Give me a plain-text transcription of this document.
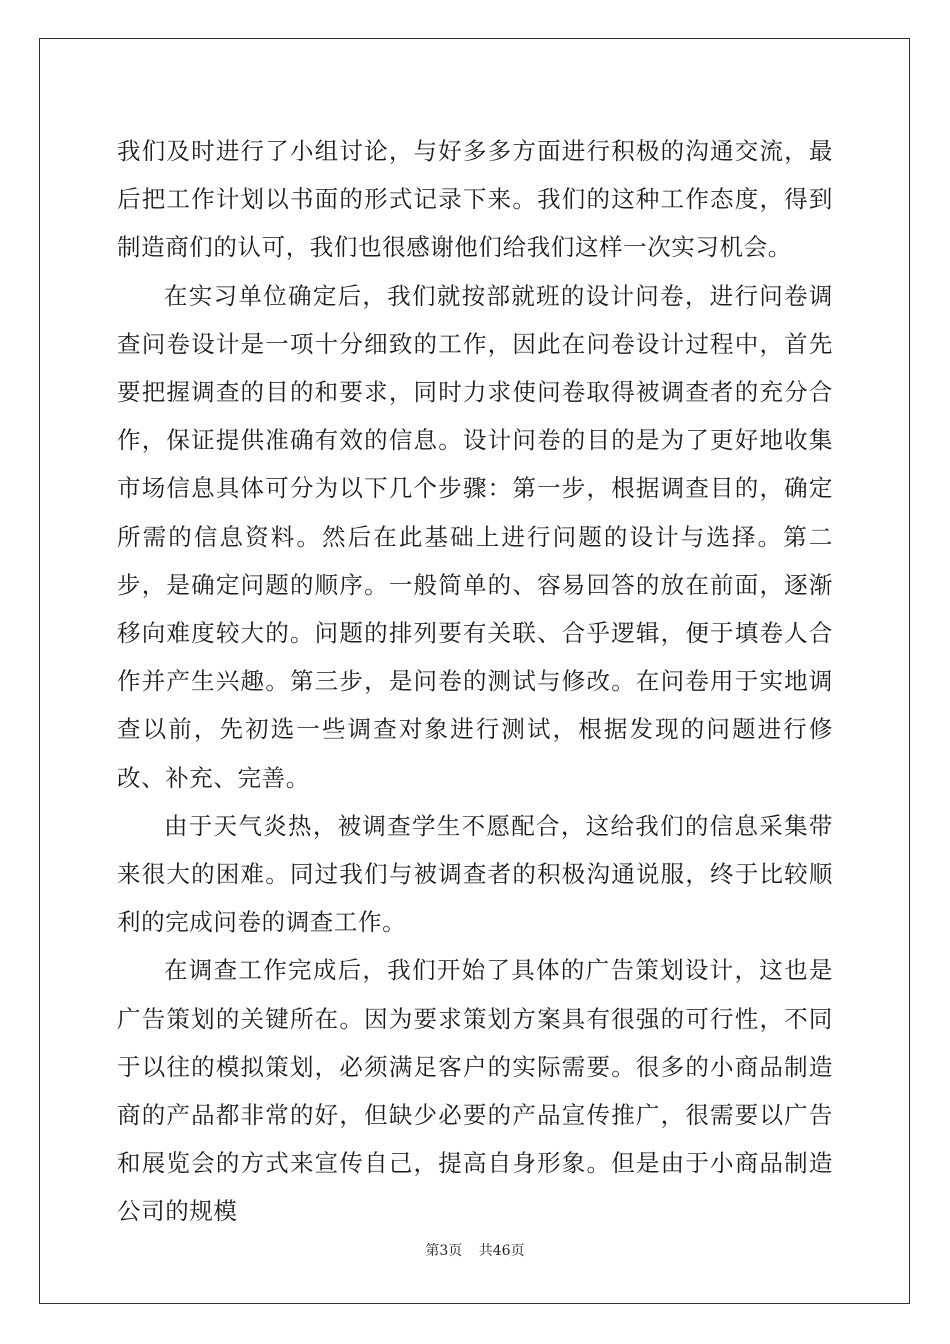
我们及时进行了小组讨论，与好多多方面进行积极的沟通交流，最后把工作计划以书面的形式记录下来。我们的这种工作态度，得到制造商们的认可，我们也很感谢他们给我们这样一次实习机会。

在实习单位确定后，我们就按部就班的设计问卷，进行问卷调查问卷设计是一项十分细致的工作，因此在问卷设计过程中，首先要把握调查的目的和要求，同时力求使问卷取得被调查者的充分合作，保证提供准确有效的信息。设计问卷的目的是为了更好地收集市场信息具体可分为以下几个步骤：第一步，根据调查目的，确定所需的信息资料。然后在此基础上进行问题的设计与选择。第二步，是确定问题的顺序。一般简单的、容易回答的放在前面，逐渐移向难度较大的。问题的排列要有关联、合乎逻辑，便于填卷人合作并产生兴趣。第三步，是问卷的测试与修改。在问卷用于实地调查以前，先初选一些调查对象进行测试，根据发现的问题进行修改、补充、完善。

由于天气炎热，被调查学生不愿配合，这给我们的信息采集带来很大的困难。同过我们与被调查者的积极沟通说服，终于比较顺利的完成问卷的调查工作。

在调查工作完成后，我们开始了具体的广告策划设计，这也是广告策划的关键所在。因为要求策划方案具有很强的可行性，不同于以往的模拟策划，必须满足客户的实际需要。很多的小商品制造商的产品都非常的好，但缺少必要的产品宣传推广，很需要以广告和展览会的方式来宣传自己，提高自身形象。但是由于小商品制造公司的规模

第3页 共46页
